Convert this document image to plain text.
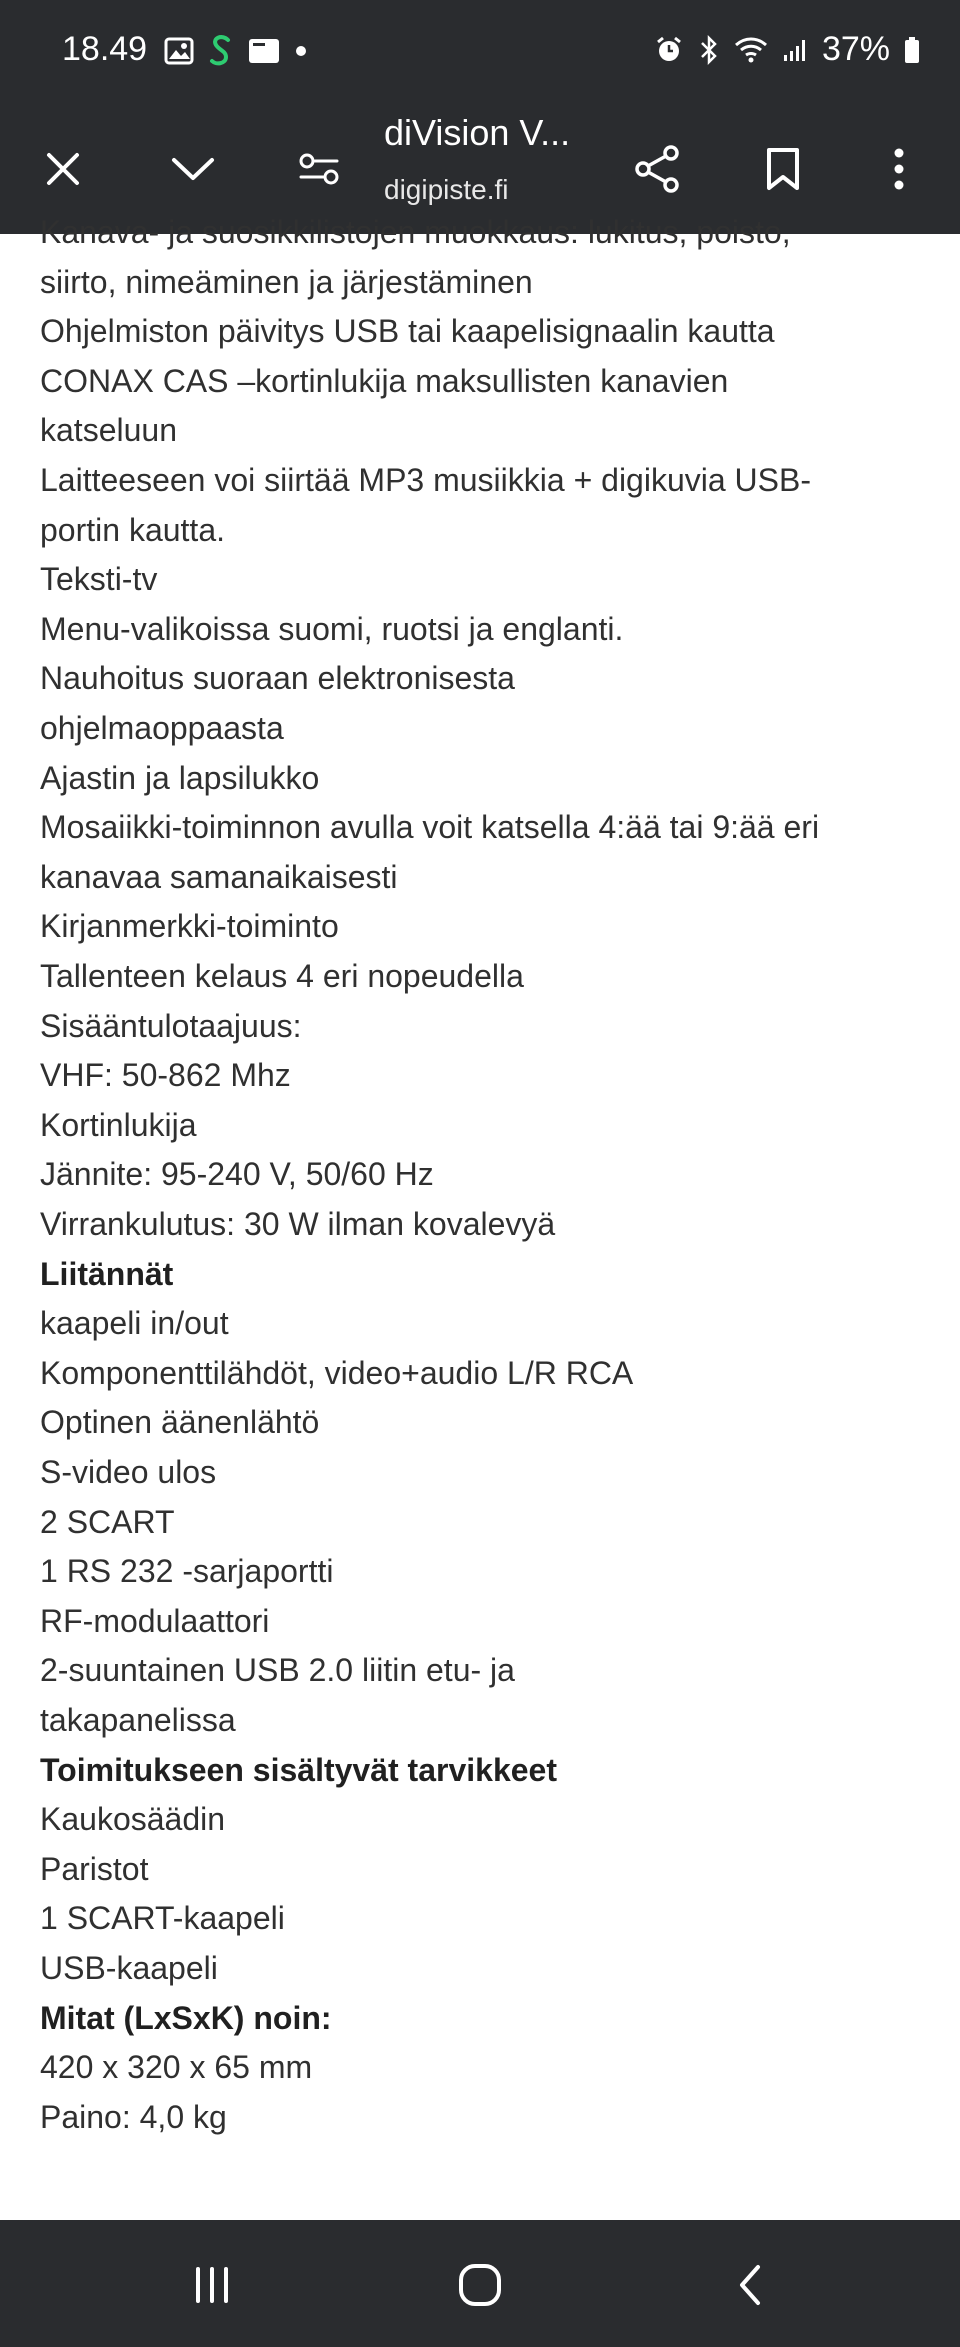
18.49	37%
diVision V...
digipiste.fi
Kanava- ja suosikkilistojen muokkaus: lukitus, poisto,
siirto, nimeäminen ja järjestäminen
Ohjelmiston päivitys USB tai kaapelisignaalin kautta
CONAX CAS –kortinlukija maksullisten kanavien
katseluun
Laitteeseen voi siirtää MP3 musiikkia + digikuvia USB-
portin kautta.
Teksti-tv
Menu-valikoissa suomi, ruotsi ja englanti.
Nauhoitus suoraan elektronisesta
ohjelmaoppaasta
Ajastin ja lapsilukko
Mosaiikki-toiminnon avulla voit katsella 4:ää tai 9:ää eri
kanavaa samanaikaisesti
Kirjanmerkki-toiminto
Tallenteen kelaus 4 eri nopeudella
Sisääntulotaajuus:
VHF: 50-862 Mhz
Kortinlukija
Jännite: 95-240 V, 50/60 Hz
Virrankulutus: 30 W ilman kovalevyä
Liitännät
kaapeli in/out
Komponenttilähdöt, video+audio L/R RCA
Optinen äänenlähtö
S-video ulos
2 SCART
1 RS 232 -sarjaportti
RF-modulaattori
2-suuntainen USB 2.0 liitin etu- ja
takapanelissa
Toimitukseen sisältyvät tarvikkeet
Kaukosäädin
Paristot
1 SCART-kaapeli
USB-kaapeli
Mitat (LxSxK) noin:
420 x 320 x 65 mm
Paino: 4,0 kg
